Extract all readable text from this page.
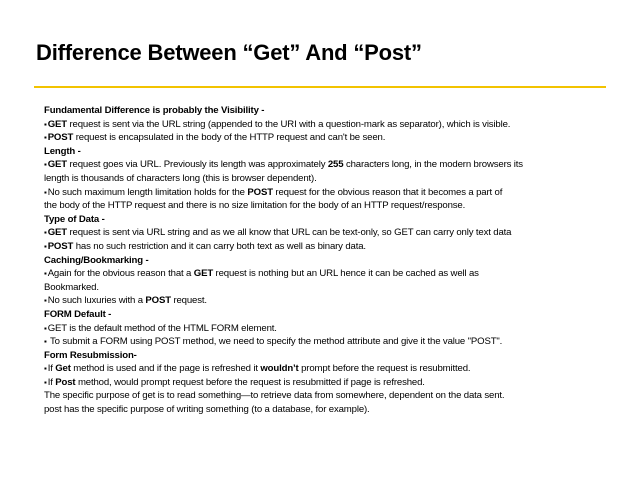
Difference Between “Get” And “Post”
Fundamental Difference is probably the Visibility -
▪ GET request is sent via the URL string (appended to the URI with a question-mark as separator), which is visible.
▪ POST request is encapsulated in the body of the HTTP request and can't be seen.
Length -
▪ GET request goes via URL. Previously its length was approximately 255 characters long, in the modern browsers its
length is thousands of characters long (this is browser dependent).
▪ No such maximum length limitation holds for the POST request for the obvious reason that it becomes a part of
the body of the HTTP request and there is no size limitation for the body of an HTTP request/response.
Type of Data -
▪ GET request is sent via URL string and as we all know that URL can be text-only, so GET can carry only text data
▪ POST has no such restriction and it can carry both text as well as binary data.
Caching/Bookmarking -
▪ Again for the obvious reason that a GET request is nothing but an URL hence it can be cached as well as
Bookmarked.
▪ No such luxuries with a POST request.
FORM Default -
▪ GET is the default method of the HTML FORM element.
▪ To submit a FORM using POST method, we need to specify the method attribute and give it the value "POST".
Form Resubmission-
▪ If Get method is used and if the page is refreshed it wouldn’t prompt before the request is resubmitted.
▪ If Post method, would prompt request before the request is resubmitted if page is refreshed.
The specific purpose of get is to read something—to retrieve data from somewhere, dependent on the data sent.
post has the specific purpose of writing something (to a database, for example).
